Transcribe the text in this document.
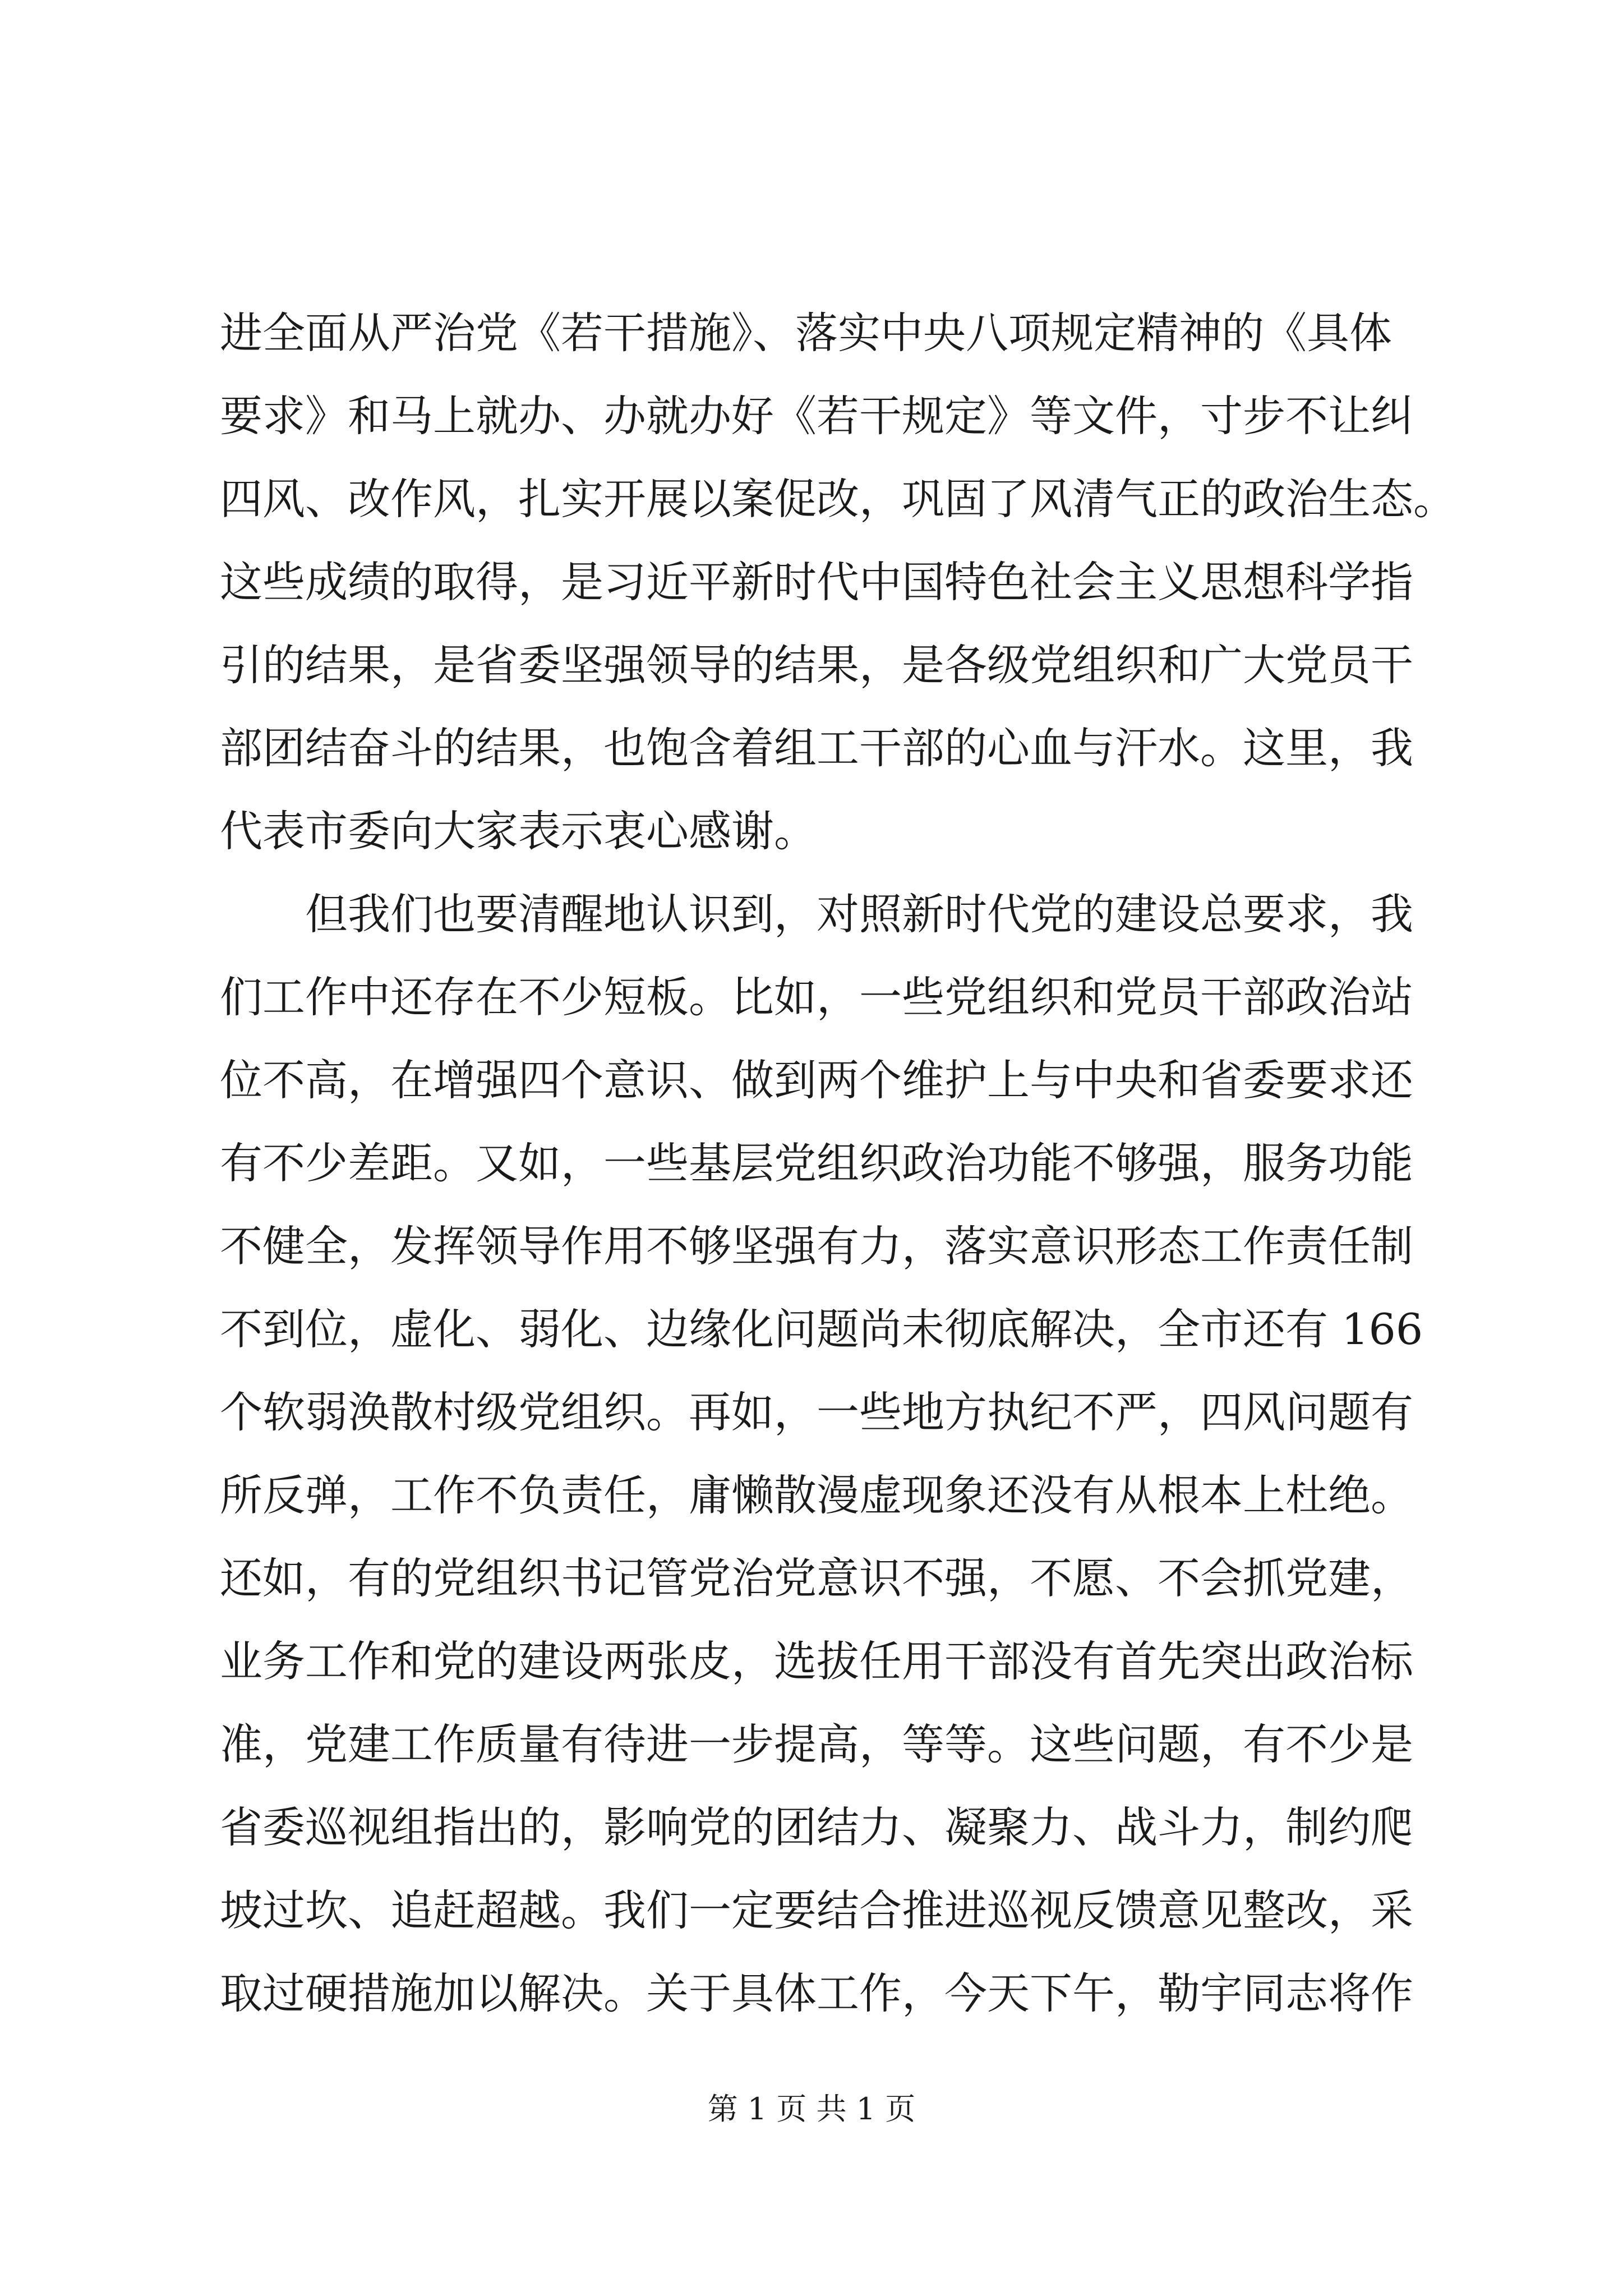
进全面从严治党《若干措施》、落实中央八项规定精神的《具体
要求》和马上就办、办就办好《若干规定》等文件，寸步不让纠
四风、改作风，扎实开展以案促改，巩固了风清气正的政治生态。
这些成绩的取得，是习近平新时代中国特色社会主义思想科学指
引的结果，是省委坚强领导的结果，是各级党组织和广大党员干
部团结奋斗的结果，也饱含着组工干部的心血与汗水。这里，我
代表市委向大家表示衷心感谢。
但我们也要清醒地认识到，对照新时代党的建设总要求，我
们工作中还存在不少短板。比如，一些党组织和党员干部政治站
位不高，在增强四个意识、做到两个维护上与中央和省委要求还
有不少差距。又如，一些基层党组织政治功能不够强，服务功能
不健全，发挥领导作用不够坚强有力，落实意识形态工作责任制
不到位，虚化、弱化、边缘化问题尚未彻底解决，全市还有 166
个软弱涣散村级党组织。再如，一些地方执纪不严，四风问题有
所反弹，工作不负责任，庸懒散漫虚现象还没有从根本上杜绝。
还如，有的党组织书记管党治党意识不强，不愿、不会抓党建，
业务工作和党的建设两张皮，选拔任用干部没有首先突出政治标
准，党建工作质量有待进一步提高，等等。这些问题，有不少是
省委巡视组指出的，影响党的团结力、凝聚力、战斗力，制约爬
坡过坎、追赶超越。我们一定要结合推进巡视反馈意见整改，采
取过硬措施加以解决。关于具体工作，今天下午，勒宇同志将作
第 1 页 共 1 页
